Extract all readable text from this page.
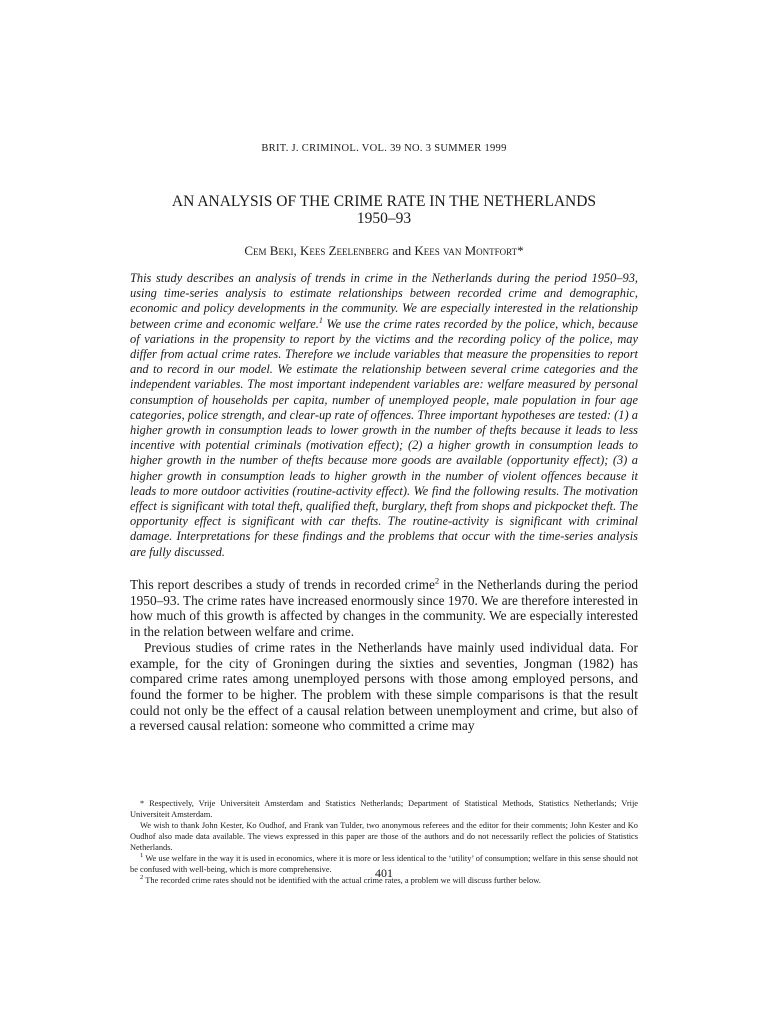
BRIT. J. CRIMINOL. VOL. 39 NO. 3 SUMMER 1999
AN ANALYSIS OF THE CRIME RATE IN THE NETHERLANDS
1950–93
Cem Beki, Kees Zeelenberg and Kees van Montfort*

This study describes an analysis of trends in crime in the Netherlands during the period 1950–93, using time-series analysis to estimate relationships between recorded crime and demographic, economic and policy developments in the community. We are especially interested in the relationship between crime and economic welfare.$^1$ We use the crime rates recorded by the police, which, because of variations in the propensity to report by the victims and the recording policy of the police, may differ from actual crime rates. Therefore we include variables that measure the propensities to report and to record in our model. We estimate the relationship between several crime categories and the independent variables. The most important independent variables are: welfare measured by personal consumption of households per capita, number of unemployed people, male population in four age categories, police strength, and clear-up rate of offences. Three important hypotheses are tested: (1) a higher growth in consumption leads to lower growth in the number of thefts because it leads to less incentive with potential criminals (motivation effect); (2) a higher growth in consumption leads to higher growth in the number of thefts because more goods are available (opportunity effect); (3) a higher growth in consumption leads to higher growth in the number of violent offences because it leads to more outdoor activities (routine-activity effect). We find the following results. The motivation effect is significant with total theft, qualified theft, burglary, theft from shops and pickpocket theft. The opportunity effect is significant with car thefts. The routine-activity is significant with criminal damage. Interpretations for these findings and the problems that occur with the time-series analysis are fully discussed.

This report describes a study of trends in recorded crime$^2$ in the Netherlands during the period 1950–93. The crime rates have increased enormously since 1970. We are therefore interested in how much of this growth is affected by changes in the community. We are especially interested in the relation between welfare and crime.

Previous studies of crime rates in the Netherlands have mainly used individual data. For example, for the city of Groningen during the sixties and seventies, Jongman (1982) has compared crime rates among unemployed persons with those among employed persons, and found the former to be higher. The problem with these simple comparisons is that the result could not only be the effect of a causal relation between unemployment and crime, but also of a reversed causal relation: someone who committed a crime may

* Respectively, Vrije Universiteit Amsterdam and Statistics Netherlands; Department of Statistical Methods, Statistics Netherlands; Vrije Universiteit Amsterdam.

We wish to thank John Kester, Ko Oudhof, and Frank van Tulder, two anonymous referees and the editor for their comments; John Kester and Ko Oudhof also made data available. The views expressed in this paper are those of the authors and do not necessarily reflect the policies of Statistics Netherlands.

$^1$ We use welfare in the way it is used in economics, where it is more or less identical to the ‘utility’ of consumption; welfare in this sense should not be confused with well-being, which is more comprehensive.

$^2$ The recorded crime rates should not be identified with the actual crime rates, a problem we will discuss further below.

401
